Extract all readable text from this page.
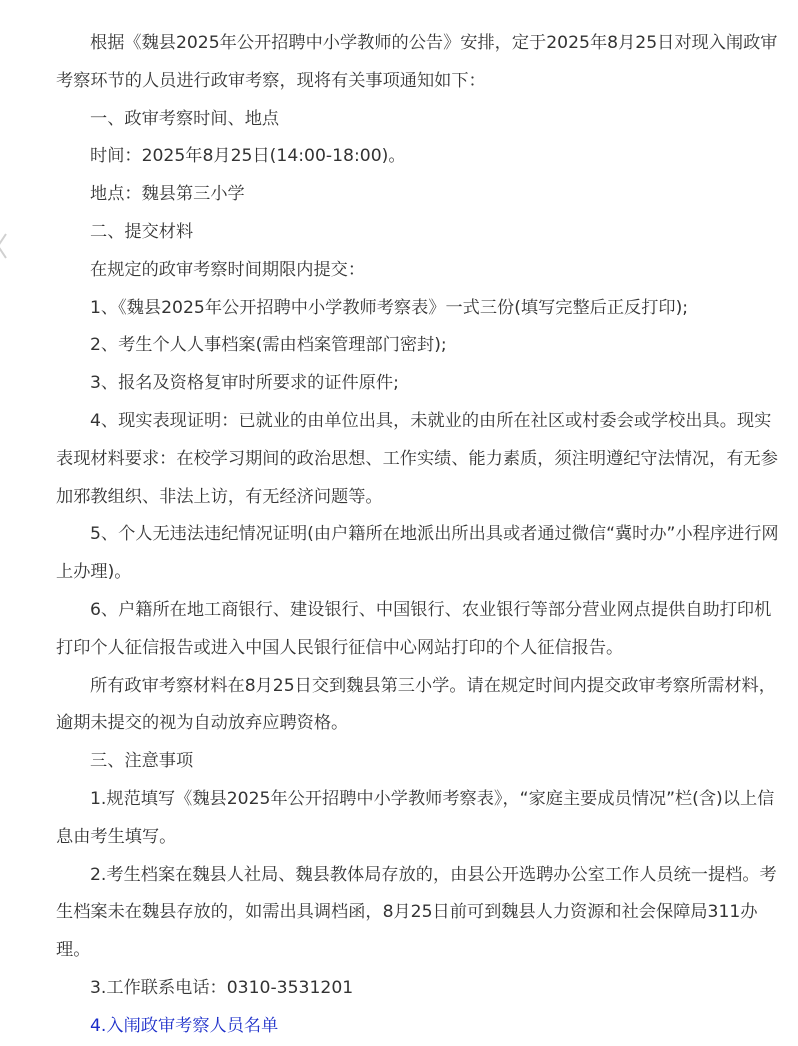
根据《魏县2025年公开招聘中小学教师的公告》安排，定于2025年8月25日对现入闱政审考察环节的人员进行政审考察，现将有关事项通知如下：

一、政审考察时间、地点

时间：2025年8月25日(14:00-18:00)。

地点：魏县第三小学

二、提交材料

在规定的政审考察时间期限内提交：

1、《魏县2025年公开招聘中小学教师考察表》一式三份(填写完整后正反打印);

2、考生个人人事档案(需由档案管理部门密封);

3、报名及资格复审时所要求的证件原件;

4、现实表现证明：已就业的由单位出具，未就业的由所在社区或村委会或学校出具。现实表现材料要求：在校学习期间的政治思想、工作实绩、能力素质，须注明遵纪守法情况，有无参加邪教组织、非法上访，有无经济问题等。

5、个人无违法违纪情况证明(由户籍所在地派出所出具或者通过微信“冀时办”小程序进行网上办理)。

6、户籍所在地工商银行、建设银行、中国银行、农业银行等部分营业网点提供自助打印机打印个人征信报告或进入中国人民银行征信中心网站打印的个人征信报告。

所有政审考察材料在8月25日交到魏县第三小学。请在规定时间内提交政审考察所需材料，逾期未提交的视为自动放弃应聘资格。

三、注意事项

1.规范填写《魏县2025年公开招聘中小学教师考察表》，“家庭主要成员情况”栏(含)以上信息由考生填写。

2.考生档案在魏县人社局、魏县教体局存放的，由县公开选聘办公室工作人员统一提档。考生档案未在魏县存放的，如需出具调档函，8月25日前可到魏县人力资源和社会保障局311办理。

3.工作联系电话：0310-3531201

4.入闱政审考察人员名单
